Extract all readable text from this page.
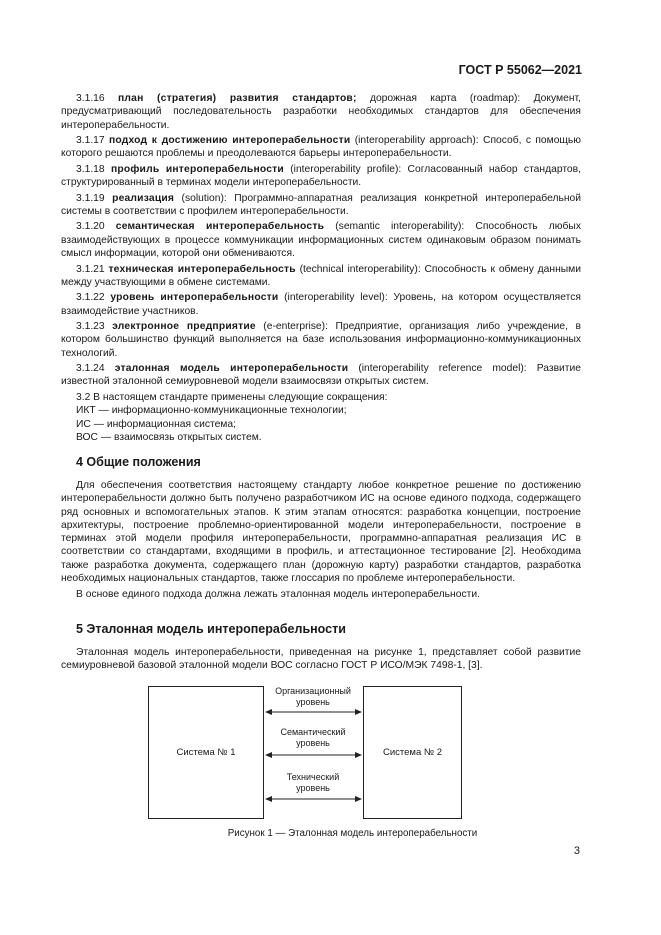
ГОСТ Р 55062—2021

3.1.16 план (стратегия) развития стандартов; дорожная карта (roadmap): Документ, предусматривающий последовательность разработки необходимых стандартов для обеспечения интероперабельности.

3.1.17 подход к достижению интероперабельности (interoperability approach): Способ, с помощью которого решаются проблемы и преодолеваются барьеры интероперабельности.

3.1.18 профиль интероперабельности (interoperability profile): Согласованный набор стандартов, структурированный в терминах модели интероперабельности.

3.1.19 реализация (solution): Программно-аппаратная реализация конкретной интероперабельной системы в соответствии с профилем интероперабельности.

3.1.20 семантическая интероперабельность (semantic interoperability): Способность любых взаимодействующих в процессе коммуникации информационных систем одинаковым образом понимать смысл информации, которой они обмениваются.

3.1.21 техническая интероперабельность (technical interoperability): Способность к обмену данными между участвующими в обмене системами.

3.1.22 уровень интероперабельности (interoperability level): Уровень, на котором осуществляется взаимодействие участников.

3.1.23 электронное предприятие (e-enterprise): Предприятие, организация либо учреждение, в котором большинство функций выполняется на базе использования информационно-коммуникационных технологий.

3.1.24 эталонная модель интероперабельности (interoperability reference model): Развитие известной эталонной семиуровневой модели взаимосвязи открытых систем.

3.2 В настоящем стандарте применены следующие сокращения:

ИКТ — информационно-коммуникационные технологии;

ИС — информационная система;

ВОС — взаимосвязь открытых систем.

4 Общие положения

Для обеспечения соответствия настоящему стандарту любое конкретное решение по достижению интероперабельности должно быть получено разработчиком ИС на основе единого подхода, содержащего ряд основных и вспомогательных этапов. К этим этапам относятся: разработка концепции, построение архитектуры, построение проблемно-ориентированной модели интероперабельности, построение в терминах этой модели профиля интероперабельности, программно-аппаратная реализация ИС в соответствии со стандартами, входящими в профиль, и аттестационное тестирование [2]. Необходима также разработка документа, содержащего план (дорожную карту) разработки стандартов, разработка необходимых национальных стандартов, также глоссария по проблеме интероперабельности.

В основе единого подхода должна лежать эталонная модель интероперабельности.

5 Эталонная модель интероперабельности

Эталонная модель интероперабельности, приведенная на рисунке 1, представляет собой развитие семиуровневой базовой эталонной модели ВОС согласно ГОСТ Р ИСО/МЭК 7498-1, [3].

Система № 1	Система № 2
Организационный
уровень
Семантический
уровень
Технический
уровень
Рисунок 1 — Эталонная модель интероперабельности
3
